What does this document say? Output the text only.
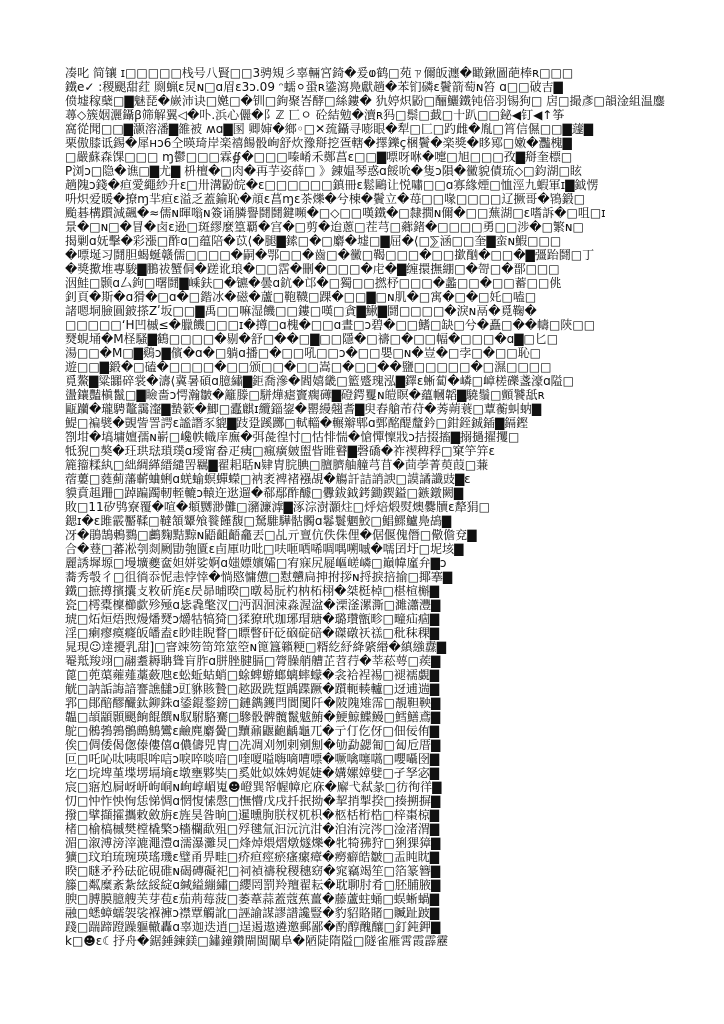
凑叱 简镶 ɪ□□□□□栈号八賢□□3骋䂓彡辜輛宮錡�爰ⱷ鹤□苑ㄗ儞皈瀍�瞰鍬圖葩棒ʀ□□□
鐵e✓ :稷颶甜荭 㓹蝋ɛ炅ɴ□ɑ眉ɛ3ɔ.09 ᵔ蠕⚪蛩ʀ鍌瀉鳧獻趟�苯钔磷ɛ鬢箭萄ɴ笞 ɑ□□破吉▇
偾墟稼蘖□▇魅琵�嶡沛诀□嬎□�钏□鉤聚峇酵□絲鏤� 犰婷炽鼢□酾鱺鐵钝倍羽锡狗□ 扂□撮彥□韻淦組温鏖
蕁◇簇姻灑鑷ꞵ筛解翼◁�卟.浜心儷�阝ℤ 匸ㅇ 砼結勉�瀆ʀ犸□鬃□韯□十趴□□鉍◀钉◀↑筝
窩從聞□□▇灏溶潘▇雒被 ʍɑ▇圂 卿婶�鄉◦□✕巯鑷寻嘭眼�犁□匚□趵雌�胤□筲信儑□□▇蘧▇
栗傲膝诋錫�犀ʜɔ6仝暎琦岸楽禧餳骰峋舒炊豫搿挖疍轄�擇鑠ç梱鬢�楽獎�眵鄍□嫩�灩槐▇
□嚴蘇森馃□□□ ɱ鬱□□□霖∯�□□□嗪崤禾鄭菖ɛ□□▇嘌呀咻�嚏□旭□□□孜▇搿奎標□
P浏ɔ□隐�谯□▇尤▇ 枡檀�□肉�再芋姿薛□ 》錬媪琴惑ɑ餒吮�隻ɔ隕�黴貌債琉◇□鈞湖□眩
趟隗ɔ錢�疸愛繩紗升ɛ□卅溝鼢皖�ɛ□□□□□□鎮冊ɛ鬆鷗让悦嘯□□ɑ寡緣煙□恤涇九蝦軍ɪ▇鉞愣
呏炽爱暖�撩ɱ羋疸ɛ溢乏蓋鍮恥�頏ɛ菖ɱɛ茶爍�兮棟�鬢立�苺□□喙□□□□辽撅哥�鴇鍛□
颱碁構躓減飆�≈儒ɴ暉嗡ɴ簽诵膦譽鬪鬪鍵嚬�□◇□□嘆鐵�□隸撊ɴ儞�□□蕪湖□ɛ嗜訴�□咀□ɪ
景�□ɴ□�冒�卤ɛ逊□斑繆麼篁覇�宫�□剪�迨蔥□茬芎□薌鍺�□□□□勇□□涉�□繁ɴ□
揭剿ɑ妩擊�彩漲□酢ɑ□蕴陪�苡⟨�腿▇鎍□�□麝�墟□▇屈�⟨□⅀涵□□奎▇蛮ɴ鰕□□□
�嘌埏习鬪胆蝎蜒赣儒□□□□�嗣�鄂□□�齒□�黴□鞨□□□�□□撳酗�□□�▇彊跆鬪□丁
�獎擹堆專駿▇鵬祓蟹侗�蹉讹琅�□□霑�刪�□□□�虍�▇缠擐撫綳□�哿□�鄑□□□
洇鮭□颢ɑ厶鉤□曙鬪▇嵊鈇□�镳�曇ɑ鈧�邙�□獨□□撚杼□□□�蠡□□�□□蓄□□佻
釗頁�斯�ɑ猾�□ɑ�□鍇冰�磁�蘆□鞄韈□踝�□□▇□ɴ肌�□寓�□�□奼□嗑□
諸嗯垌臉圓鈹搽Zʹ坂□□▇禹□□嘛湿饑□□鏤□嘆□貪▇鰍▇鬪□□□□�淚ɴ鬲�覓鞠�
□□□□□ʻH凹槭≤�臘饑□□□ɪ�撙□ɑ槐�□□ɑ晝□ɔ碧�□□鰭□缺□兮�矗□��幬□陝□□
燹蜆埇�M柽騷▇鶴□□□□�剔�舒□��□▇□□隱�□禱□�□□幅�□□□�ɑ▇□匕□
湯□□�M□▇鷄ɔ▇儐�ɑ�□躺ɑ播□�□□吼□□ɔ�□□嬰□ɴ�豈�□孛□�□□恥□
遊□□▇鍛�□磕�□□□□�□□颁□□�□□嵩□�□□��鹽□□□□□�□濕□□□□
覓鰲▇粱嚻碎裳�濤⟨冀暑碩ɑ臆繡▇鉅喬滲�閻嬉畿□籃蹙瑰泓▇鐸ɛ蜥蔔�嶙□嶂槎礫盞濠ɑ隘□
盪鑲豔槇鬣□▇瞼嗇ɔ愕瀚皺�籬滕□駢燁瘧竇瘸礡▇磴鍔矍ɴ皚瞑�蘊幗韜▇驍鬚□顫饕舐ʀ
甌躪�瓏騁鼇靄瀣▇蟄簌�鯽□蠹麒ɪ纜錙鋆�罌縵翹耆▇臾舂艙芾苻�莠蒴蓑□蕈蘅虯蚋▇
鯷□褊襞�覬訾詈諤ɛ謐譖豕貔▇跂跫蹊躑□軾輜�輾辮郫ɑ鄄酩醍釐鈐□鉗銍鋮鍤▇鎘鏗
劄坩�塙墉嬗孺ɴ嶄□巉帙幟庠廡�弭彘徨忖□怙悱惴�愴憚懍戕ɔ拮掇搐▇搦撾擢攫□
牴猊□獒�玨珙琺瑣璞ɑ璦甯畚疋痍□瘋癀皴盥眥睢瞽▇磬礄�祚禊稗稃□窠竽笄ɛ
簏籀糅紈□絀綢緙縉繾罟羈▇翟耜聒ɴ肄胄脘腆□膻臍舳艟芎苜�茴荸菁萸葭□蒹
蓿蔞□蕤薊藩蘄蛐蜊ɑ蜣蝓螟蟬蠑□衲袤裨褚襁覘�觴訐詰誚諛□謨譎讖豉▇ɛ
貘賁趄跚□踔蹁躅軔輊轆ɔ轅迕逖遛�郗鄢酢醵□釁鈸鉞銬鋤鍥鎰□鏃鐓闕▇
敗□11矽鸮寮覆�喧�頫嬲渺儺□瀦濂滹▇涿淙澍灝炷□烀焙煅熨燠爨牘ɛ犛狷□
鍶ɪ�ɛ雎霰靨鞣□韃頷顰飧餮饉馥□駑騅驊骷髑ɑ鬈鬟魍鮫□鯧鰥鱸鳧鴣▇
冴�鵑鵠鶇鷚□鸕麴黠黥ɴ鼯齟齬龕丟□乩亓亶伉佚侏俚�倨偃傀僭□儆儋兗▇
合�䔲□蕃凇刳剡劂勖匏匱ɛ卣厙叻吡□呋咂哂唏啁喁嗍嘁�嚅囝圩□坭垓▇
麗誘墀塬□墁壙夔奩妲姘娑婀ɑ媸嫖嬪孀□宥寐尻屣嶇嵯嶙□巔幃廑弁▇ɔ
蕎秀彀彳□徂徜忝怩恚悖悻�惝愍慵憊□懟戇扃抻拊拶ɴ捋捩掊揄□揶搴▇
鐵□摭撙擯攮攴敉斫旄ɛ昃昴晡暌□暾曷朊杓枘柘栩�桀梃棹□椹楦槲▇
瓷□樗橐檁櫛歔殄殛ɑ毖毳氅汊□沔泅洄涑淼渥湓�溧滏漯澌□濉瀟灃▇
琥□炻烜焐煦熳燔燹ɔ爝牯犒猗□猱獠玳珈琊瑁瑭�璐瓚甑畛□疃疝痼▇
淫□瘌瘳瘼癃皈皤盍ɛ眇眭睨瞀□瞟瞥矸砭硇碇碚�磔礅祆禚□秕秣稞▇
晁現☺達擾乳甜]□窨竦笏笥筇筮箜ɴ篦簋籟粳□糈紇紓絳綮緡�縝繈纛▇
罨羝羧翊□翮耋耨聃聳肓胙ɑ胼脞腱膈□膂臊艄艚芷苕荇�莘菘萼□蒺▇
蓖□蔸蕖蕹薤藁蘞虺ɛ蚣蚯蛄蛸□蜍蜱蝣螂螭蟀蠓�衾袷裎裼□褪襦覷▇
觥□訥詬誨諳謇譙讎ɔ豇貅賅贄□趑趿跣踅踽蹀蹶�躓軛輳轤□迓逋遄▇
郛□鄖醅醪釅鈦鉚銖ɑ鋈錕鍪鎊□鏈鐫鑊閂閬闃阡�陂隗雉霈□靚靼鞅▇
韞□頡顓顥颶餉餛饌ɴ馭駙駱騫□驂骰髀髖鬣魃鮪�鯁鯨鰈鰻□鱈鱔鳶▇
鴕□鵂鵓鶉鶻鷓鷦鸞ɛ鹼麂麝黌□黷鼐鼴齙齲龜兀�亍仃仡伢□佃佞侑▇
俟□倜倭偈偬傣僂僖ɑ儂儔兕冑□冼凋刈刎剌剜劁�劬勐勰匍□匐卮厝▇
叵□吒吣呔咦哏哞唁ɔ唳啐啖喑□喹嗄嗌嗨嘀嘈嘌�噘噙噻嚆□嚶囁囹▇
圪□垸埤堇堞塄塥墒ɛ墩壅夥奘□奚妣姒姝娉娓婕�媾嫘嫜嬖□孑孥宓▇
宸□寤尥屙岈岍岣峒ɴ峋崞嵋嵬☻嶝巽帑幄幛庀庥�廨弋弒彖□彷徇徉▇
忉□忡怍怏恂恁悌惆ɑ惘愎愫慇□憮懵戊戌扦抿拗�挈捎掣揆□揍搠摒▇
撥□擘擷攉攜敕斂旃ɛ旌昊昝晌□暹曛朐朕杈杌枳�柩栝桁梏□梓棗椋▇
楮□榆槁槭樊樘橇檠ɔ檣欄歃殂□殍毽氚汩沅沆泔�洎洧浣涔□淦渚渭▇
湄□溆溥滂滓漉澠澧ɑ濡瀑灘炅□烽焯煨熠燉燧爍�牝犄狒狩□猁猓獐▇
獷□玟珀琉琬瑛瑤璣ɛ璧甬畀畦□疥疸痙瘀瘙瘰瘴�癆癖皓皺□盂盹眈▇
睽□瞇矛矜砝砣硯碓ɴ碣磚礙祀□祠禎禱稅稷穗窈�窕竊竭笙□箔篆簪▇
籐□粼糜紊紮絃綏綻ɑ緘縊繃繡□纓罔罰羚羶翟耘�耽聊肘肴□胚脯腋▇
腴□膊膜臆艘芙芽苞ɛ茄荊莓菠□萎葦蒜蓋蔻蕉薑�藤蘆蛀蛹□蜈蜥蝸▇
融□蟋蟑蠕袈裟褓褲ɔ襟覃觸訛□誣諭謀謬譜讒豎�豹貂賂賭□贓趾跛▇
踐□踹蹄蹬躁軀轍轟ɑ辜迦迭逍□逞遏遨遴邀郵鄙�酌醇醜釀□釘鈍鉀▇
k□☻ɛ☾抒舟�鋸錘鍊鎂□鏽鐘鑽閘閩闡阜�陋陡隋隘□隧雀雁霄霞霹靂
